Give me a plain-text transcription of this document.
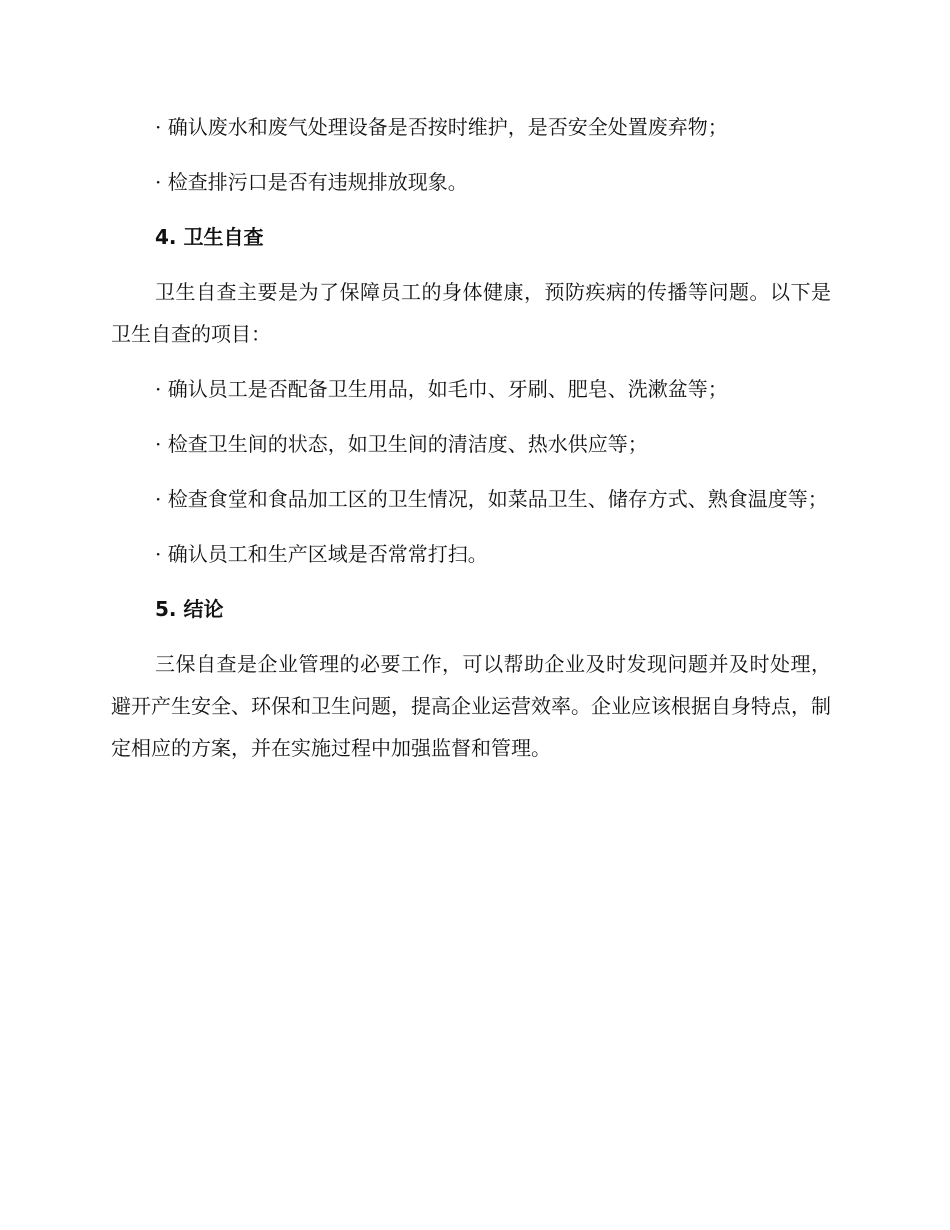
· 确认废水和废气处理设备是否按时维护，是否安全处置废弃物；

· 检查排污口是否有违规排放现象。

4. 卫生自查

卫生自查主要是为了保障员工的身体健康，预防疾病的传播等问题。以下是卫生自查的项目：

· 确认员工是否配备卫生用品，如毛巾、牙刷、肥皂、洗漱盆等；

· 检查卫生间的状态，如卫生间的清洁度、热水供应等；

· 检查食堂和食品加工区的卫生情况，如菜品卫生、储存方式、熟食温度等；

· 确认员工和生产区域是否常常打扫。

5. 结论

三保自查是企业管理的必要工作，可以帮助企业及时发现问题并及时处理，避开产生安全、环保和卫生问题，提高企业运营效率。企业应该根据自身特点，制定相应的方案，并在实施过程中加强监督和管理。
